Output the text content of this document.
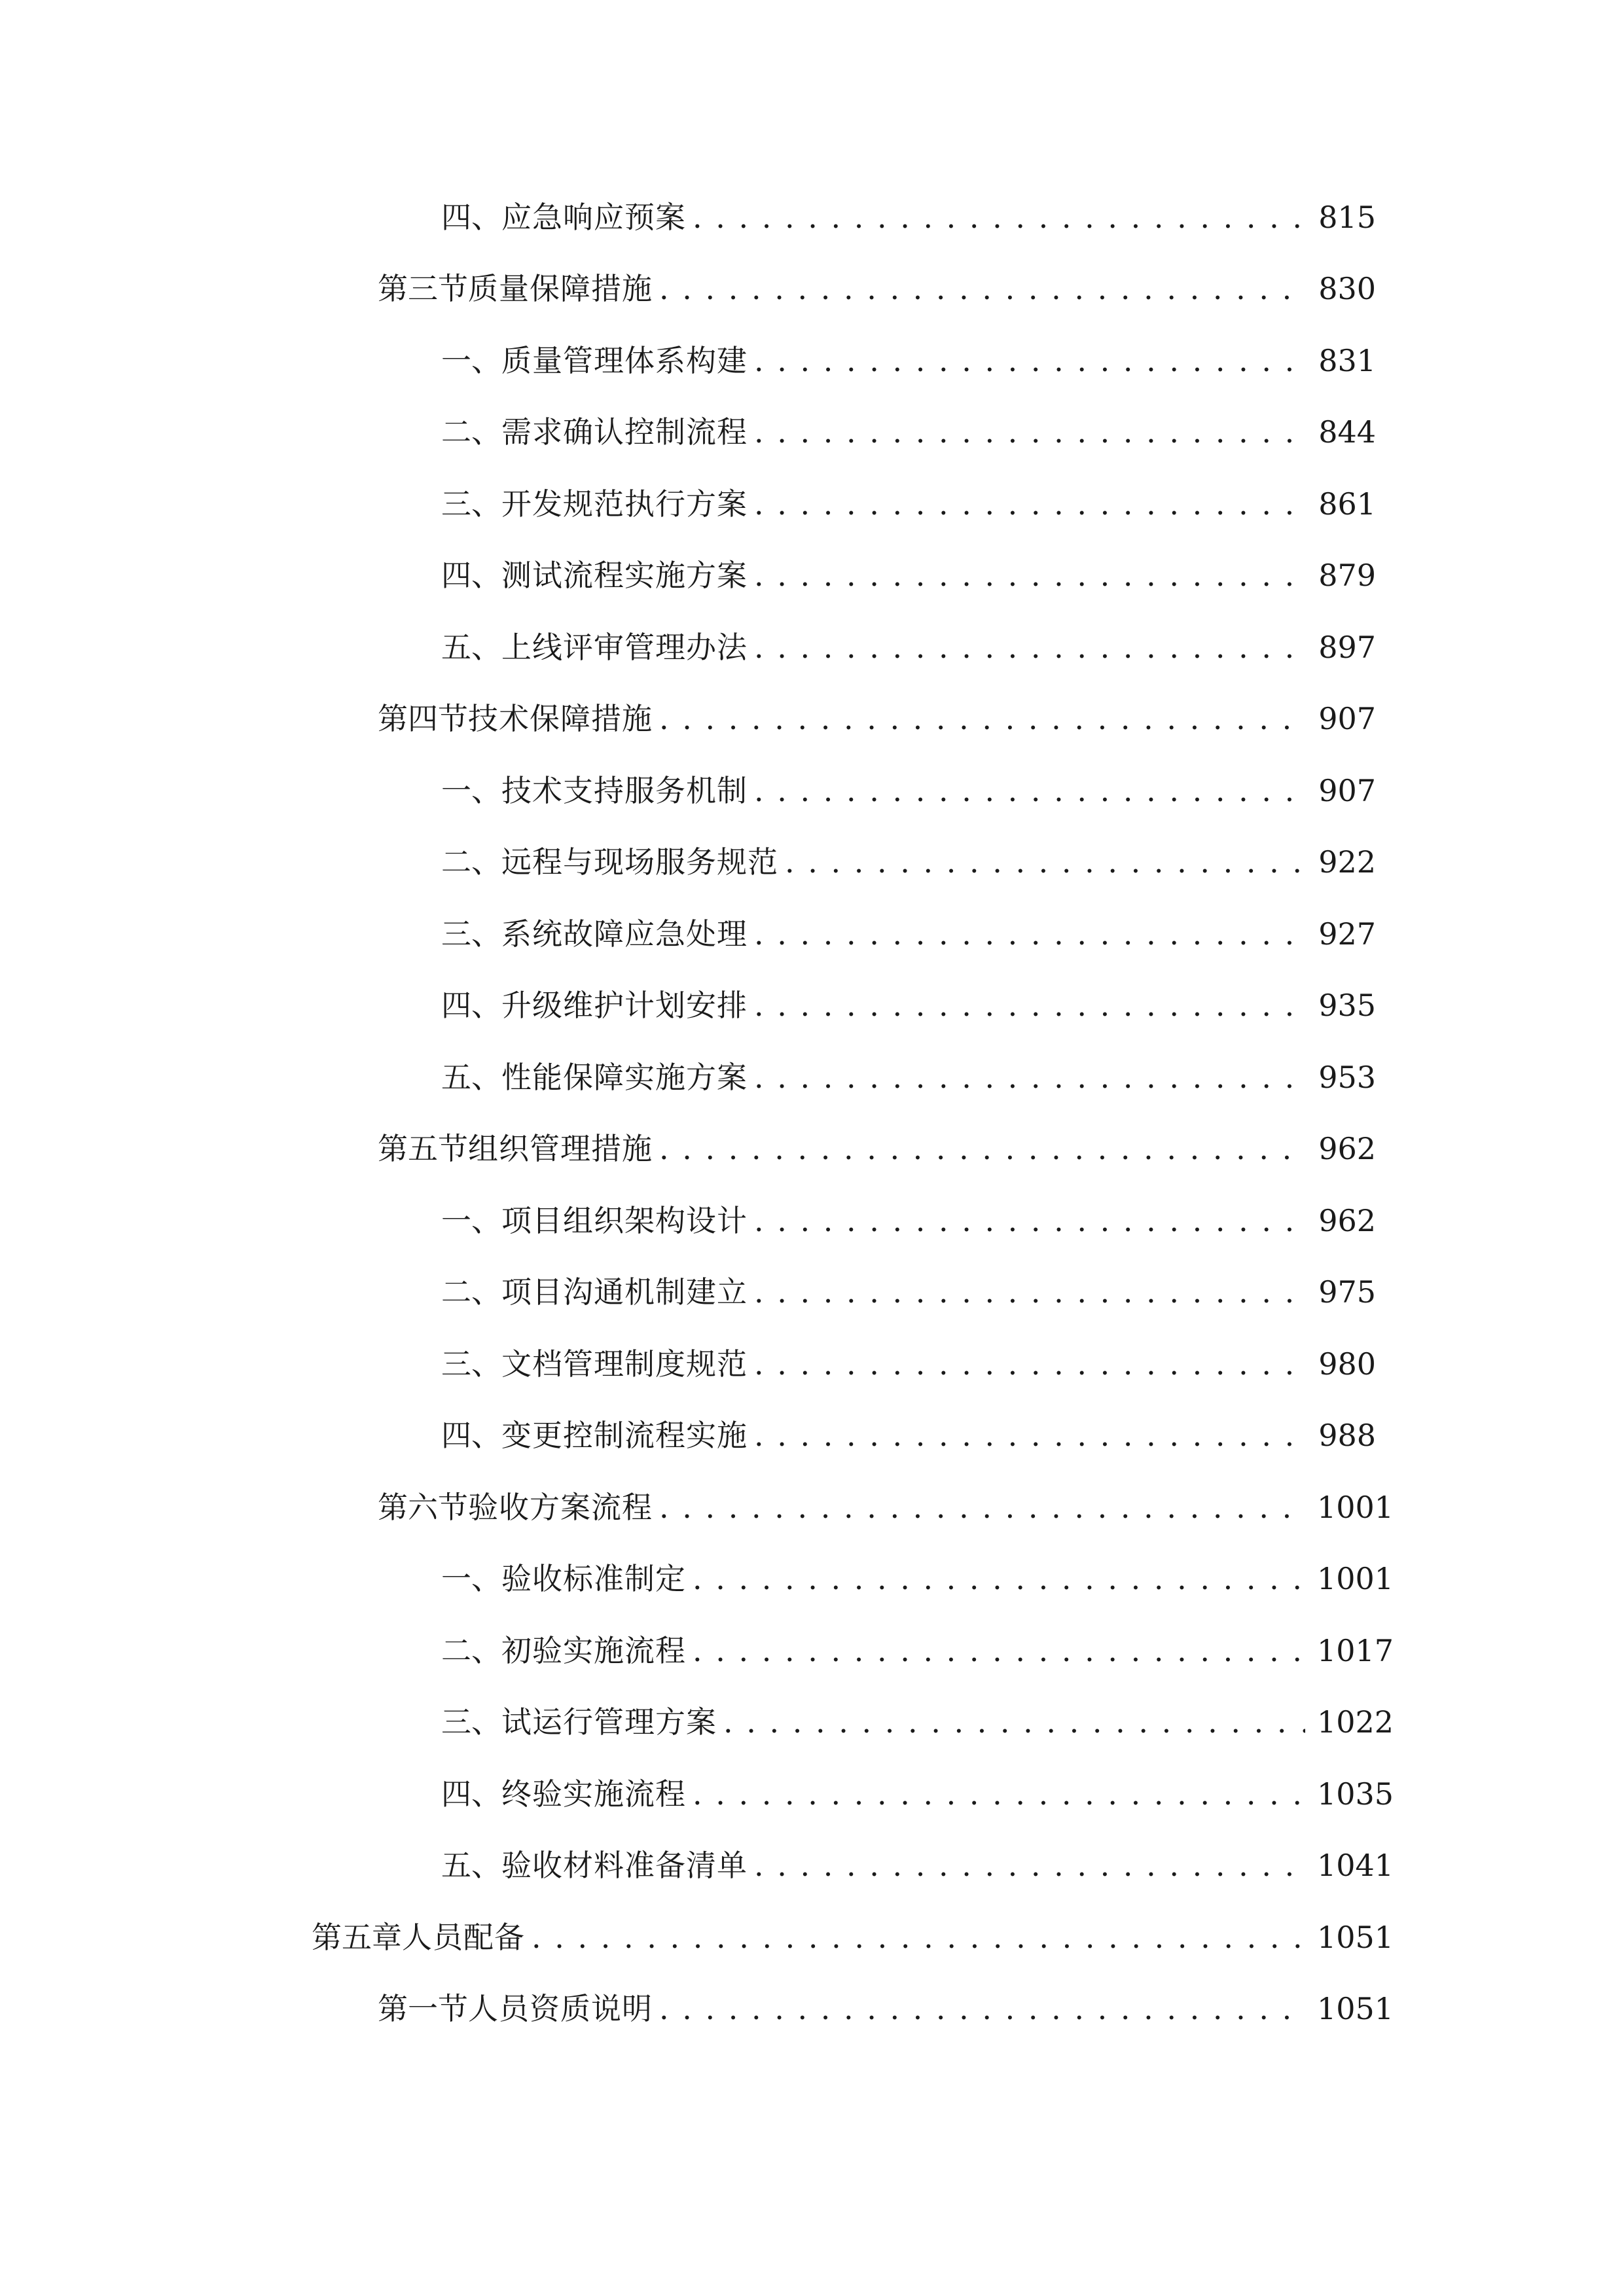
四、 应急响应预案 . . .	815
第三节 质量保障措施 . . .	830
一、 质量管理体系构建 . . .	831
二、 需求确认控制流程 . . .	844
三、 开发规范执行方案 . . .	861
四、 测试流程实施方案 . . .	879
五、 上线评审管理办法 . . .	897
第四节 技术保障措施 . . .	907
一、 技术支持服务机制 . . .	907
二、 远程与现场服务规范 . . .	922
三、 系统故障应急处理 . . .	927
四、 升级维护计划安排 . . .	935
五、 性能保障实施方案 . . .	953
第五节 组织管理措施 . . .	962
一、 项目组织架构设计 . . .	962
二、 项目沟通机制建立 . . .	975
三、 文档管理制度规范 . . .	980
四、 变更控制流程实施 . . .	988
第六节 验收方案流程 . . .	1001
一、 验收标准制定 . . .	1001
二、 初验实施流程 . . .	1017
三、 试运行管理方案 . . .	1022
四、 终验实施流程 . . .	1035
五、 验收材料准备清单 . . .	1041
第五章 人员配备 . . .	1051
第一节 人员资质说明 . . .	1051
